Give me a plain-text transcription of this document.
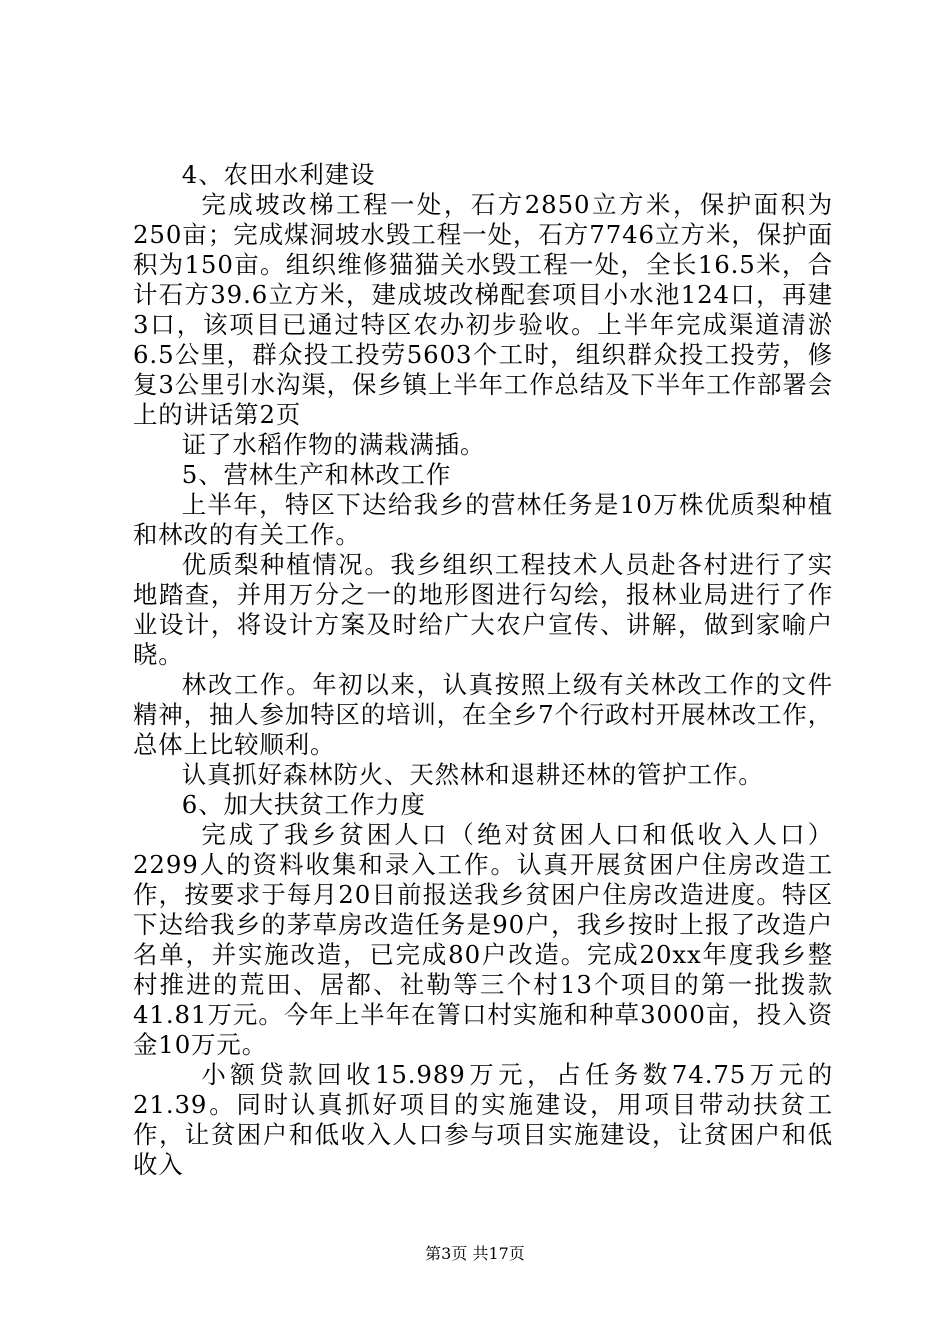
4、农田水利建设

完成坡改梯工程一处，石方2850立方米，保护面积为250亩；完成煤洞坡水毁工程一处，石方7746立方米，保护面积为150亩。组织维修猫猫关水毁工程一处，全长16.5米，合计石方39.6立方米，建成坡改梯配套项目小水池124口，再建3口，该项目已通过特区农办初步验收。上半年完成渠道清淤6.5公里，群众投工投劳5603个工时，组织群众投工投劳，修复3公里引水沟渠，保乡镇上半年工作总结及下半年工作部署会上的讲话第2页

证了水稻作物的满栽满插。

5、营林生产和林改工作

上半年，特区下达给我乡的营林任务是10万株优质梨种植和林改的有关工作。

优质梨种植情况。我乡组织工程技术人员赴各村进行了实地踏查，并用万分之一的地形图进行勾绘，报林业局进行了作业设计，将设计方案及时给广大农户宣传、讲解，做到家喻户晓。

林改工作。年初以来，认真按照上级有关林改工作的文件精神，抽人参加特区的培训，在全乡7个行政村开展林改工作，总体上比较顺利。

认真抓好森林防火、天然林和退耕还林的管护工作。

6、加大扶贫工作力度

完成了我乡贫困人口（绝对贫困人口和低收入人口）2299人的资料收集和录入工作。认真开展贫困户住房改造工作，按要求于每月20日前报送我乡贫困户住房改造进度。特区下达给我乡的茅草房改造任务是90户，我乡按时上报了改造户名单，并实施改造，已完成80户改造。完成20xx年度我乡整村推进的荒田、居都、社勒等三个村13个项目的第一批拨款41.81万元。今年上半年在箐口村实施和种草3000亩，投入资金10万元。

小额贷款回收15.989万元，占任务数74.75万元的21.39。同时认真抓好项目的实施建设，用项目带动扶贫工作，让贫困户和低收入人口参与项目实施建设，让贫困户和低收入

第3页 共17页
